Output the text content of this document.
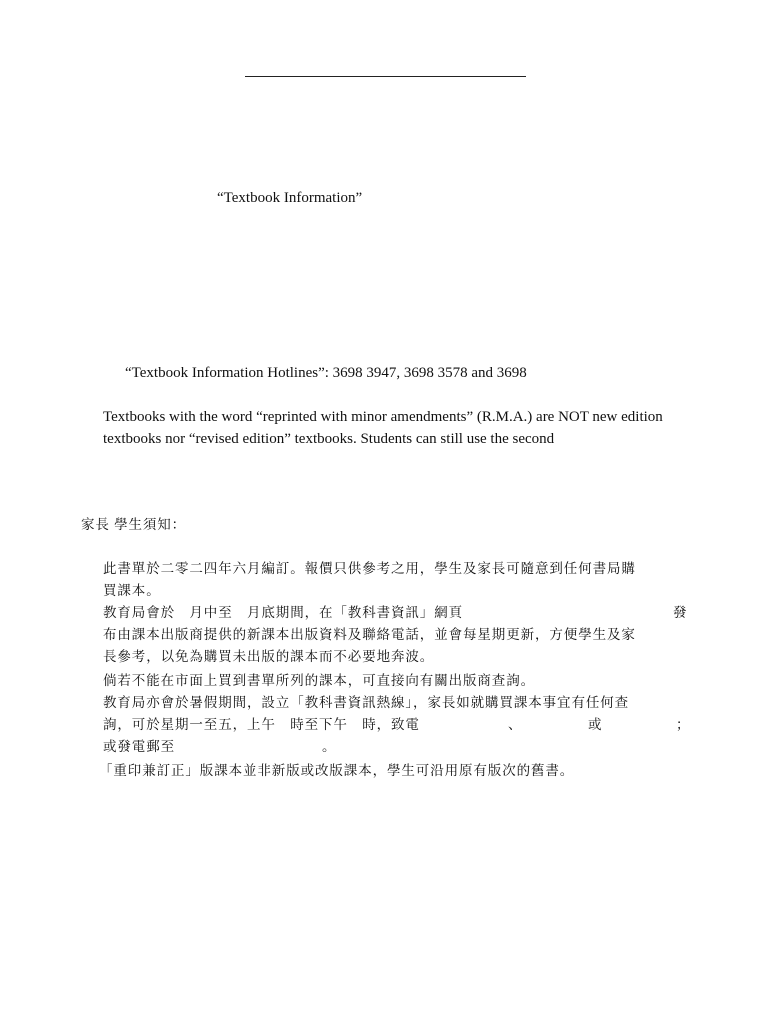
“Textbook Information”
“Textbook Information Hotlines”: 3698 3947, 3698 3578 and 3698
Textbooks with the word “reprinted with minor amendments” (R.M.A.) are NOT new edition
textbooks nor “revised edition” textbooks. Students can still use the second
家長 學生須知：
此書單於二零二四年六月編訂。報價只供參考之用，學生及家長可隨意到任何書局購
買課本。
教育局會於　月中至　月底期間，在「教科書資訊」網頁	發
布由課本出版商提供的新課本出版資料及聯絡電話，並會每星期更新，方便學生及家
長參考，以免為購買未出版的課本而不必要地奔波。
倘若不能在市面上買到書單所列的課本，可直接向有關出版商查詢。
教育局亦會於暑假期間，設立「教科書資訊熱線」，家長如就購買課本事宜有任何查
詢，可於星期一至五，上午　時至下午　時，致電	、	或	；
或發電郵至	。
「重印兼訂正」版課本並非新版或改版課本，學生可沿用原有版次的舊書。
